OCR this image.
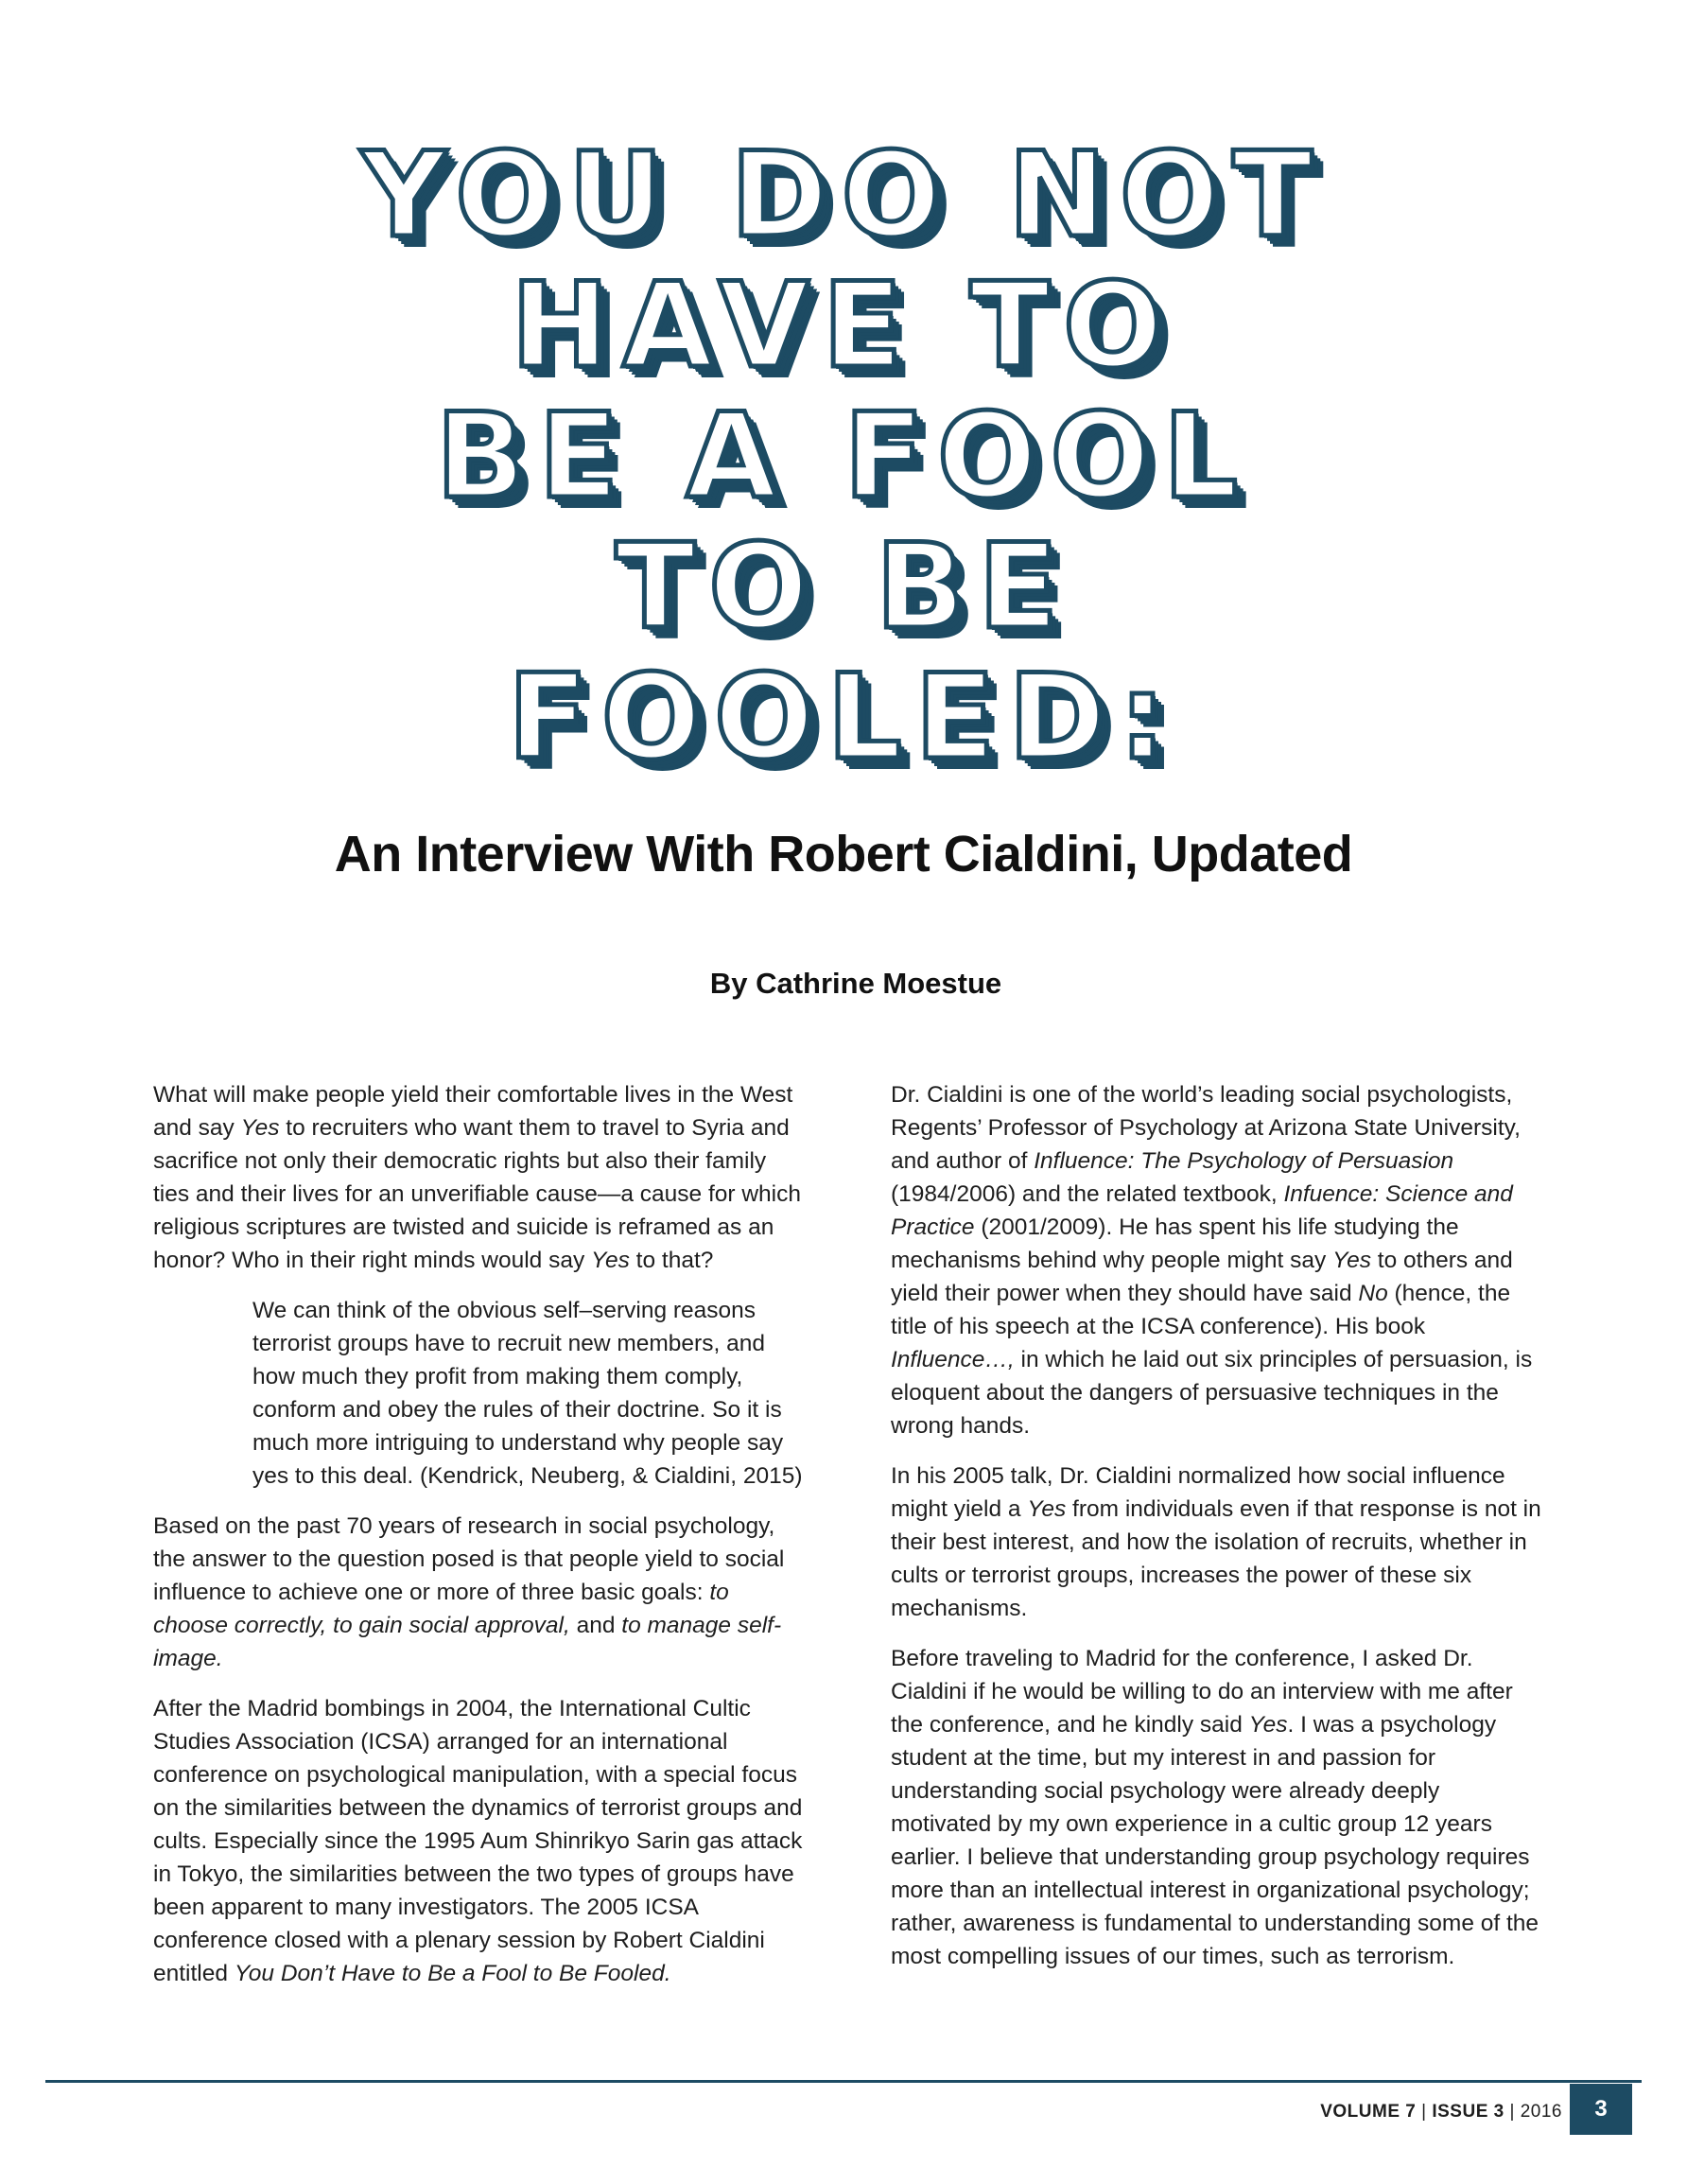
YOU DO NOT
HAVE TO
BE A FOOL
TO BE
FOOLED:
An Interview With Robert Cialdini, Updated
By Cathrine Moestue

What will make people yield their comfortable lives in the West and say Yes to recruiters who want them to travel to Syria and sacrifice not only their democratic rights but also their family ties and their lives for an unverifiable cause—a cause for which religious scriptures are twisted and suicide is reframed as an honor? Who in their right minds would say Yes to that?

We can think of the obvious self–serving reasons terrorist groups have to recruit new members, and how much they profit from making them comply, conform and obey the rules of their doctrine. So it is much more intriguing to understand why people say yes to this deal. (Kendrick, Neuberg, & Cialdini, 2015)

Based on the past 70 years of research in social psychology, the answer to the question posed is that people yield to social influence to achieve one or more of three basic goals: to choose correctly, to gain social approval, and to manage self-image.

After the Madrid bombings in 2004, the International Cultic Studies Association (ICSA) arranged for an international conference on psychological manipulation, with a special focus on the similarities between the dynamics of terrorist groups and cults. Especially since the 1995 Aum Shinrikyo Sarin gas attack in Tokyo, the similarities between the two types of groups have been apparent to many investigators. The 2005 ICSA conference closed with a plenary session by Robert Cialdini entitled You Don’t Have to Be a Fool to Be Fooled.

Dr. Cialdini is one of the world’s leading social psychologists, Regents’ Professor of Psychology at Arizona State University, and author of Influence: The Psychology of Persuasion (1984/2006) and the related textbook, Infuence: Science and Practice (2001/2009). He has spent his life studying the mechanisms behind why people might say Yes to others and yield their power when they should have said No (hence, the title of his speech at the ICSA conference). His book Influence…, in which he laid out six principles of persuasion, is eloquent about the dangers of persuasive techniques in the wrong hands.

In his 2005 talk, Dr. Cialdini normalized how social influence might yield a Yes from individuals even if that response is not in their best interest, and how the isolation of recruits, whether in cults or terrorist groups, increases the power of these six mechanisms.

Before traveling to Madrid for the conference, I asked Dr. Cialdini if he would be willing to do an interview with me after the conference, and he kindly said Yes. I was a psychology student at the time, but my interest in and passion for understanding social psychology were already deeply motivated by my own experience in a cultic group 12 years earlier. I believe that understanding group psychology requires more than an intellectual interest in organizational psychology; rather, awareness is fundamental to understanding some of the most compelling issues of our times, such as terrorism.

VOLUME 7 | ISSUE 3 | 2016	3
